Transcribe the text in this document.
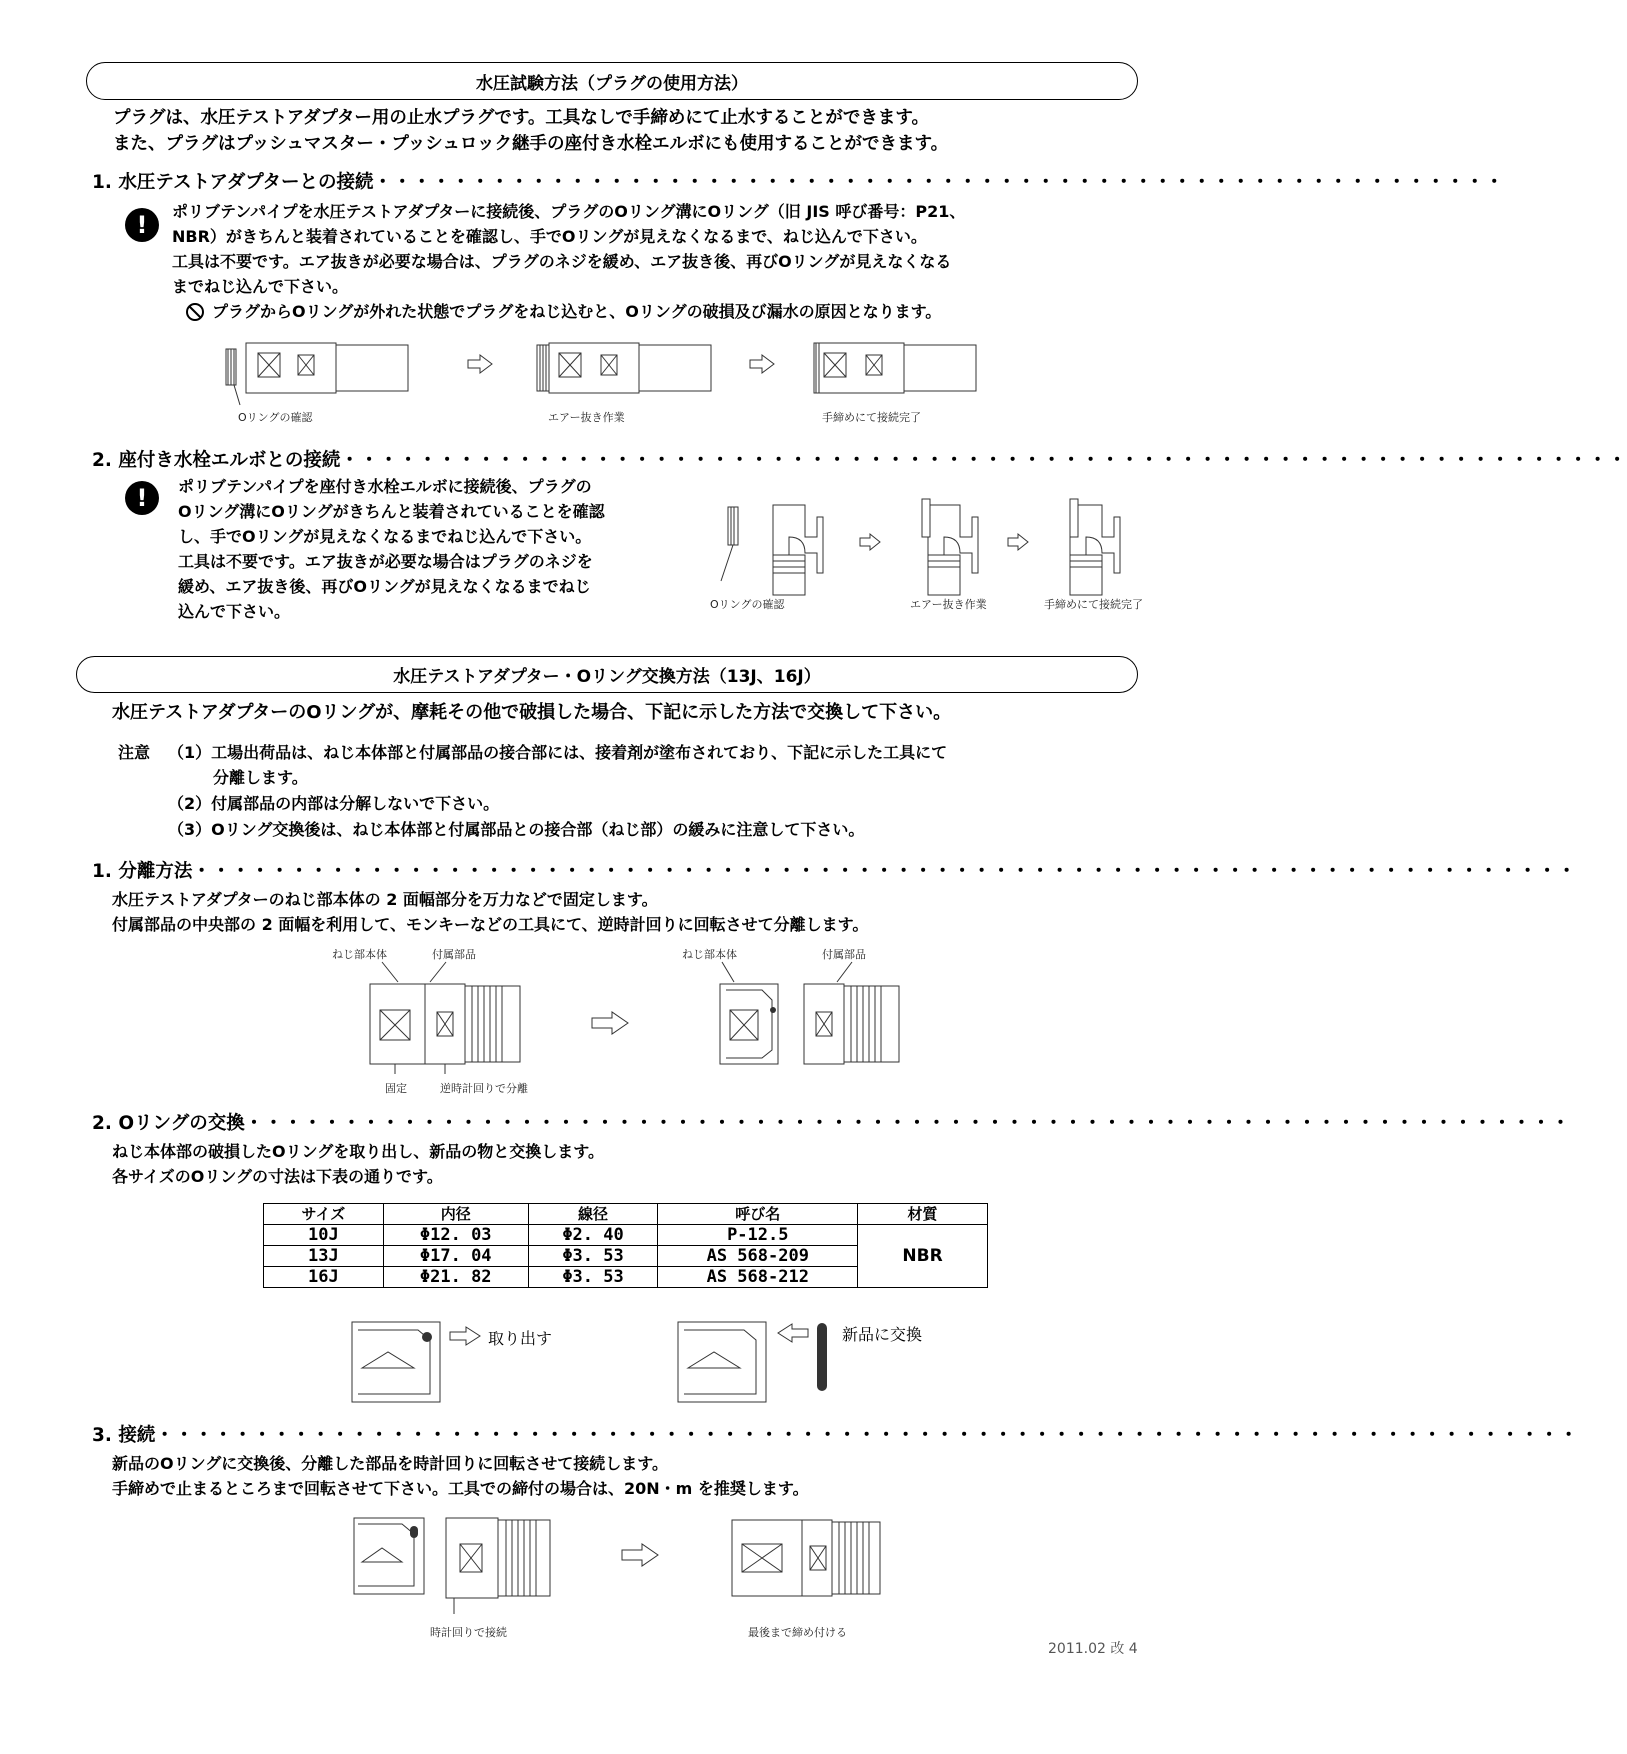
水圧試験方法（プラグの使用方法）
プラグは、水圧テストアダプター用の止水プラグです。工具なしで手締めにて止水することができます。
また、プラグはプッシュマスター・プッシュロック継手の座付き水栓エルボにも使用することができます。
1. 水圧テストアダプターとの接続・・・・・・・・・・・・・・・・・・・・・・・・・・・・・・・・・・・・・・・・・・・・・・・・・・・・・・・・・・
!	ポリブテンパイプを水圧テストアダプターに接続後、プラグのOリング溝にOリング（旧 JIS 呼び番号：P21、
NBR）がきちんと装着されていることを確認し、手でOリングが見えなくなるまで、ねじ込んで下さい。
工具は不要です。エア抜きが必要な場合は、プラグのネジを緩め、エア抜き後、再びOリングが見えなくなる
までねじ込んで下さい。
プラグからOリングが外れた状態でプラグをねじ込むと、Oリングの破損及び漏水の原因となります。
Oリングの確認	エアー抜き作業	手締めにて接続完了
2. 座付き水栓エルボとの接続・・・・・・・・・・・・・・・・・・・・・・・・・・・・・・・・・・・・・・・・・・・・・・・・・・・・・・・・・・・・・・・・・・
!	ポリブテンパイプを座付き水栓エルボに接続後、プラグの
Oリング溝にOリングがきちんと装着されていることを確認
し、手でOリングが見えなくなるまでねじ込んで下さい。
工具は不要です。エア抜きが必要な場合はプラグのネジを
緩め、エア抜き後、再びOリングが見えなくなるまでねじ
込んで下さい。	Oリングの確認	エアー抜き作業	手締めにて接続完了
水圧テストアダプター・Oリング交換方法（13J、16J）
水圧テストアダプターのOリングが、摩耗その他で破損した場合、下記に示した方法で交換して下さい。
注意 （1）工場出荷品は、ねじ本体部と付属部品の接合部には、接着剤が塗布されており、下記に示した工具にて
分離します。
（2）付属部品の内部は分解しないで下さい。
（3）Oリング交換後は、ねじ本体部と付属部品との接合部（ねじ部）の緩みに注意して下さい。
1. 分離方法・・・・・・・・・・・・・・・・・・・・・・・・・・・・・・・・・・・・・・・・・・・・・・・・・・・・・・・・・・・・・・・・・・・・・・・
水圧テストアダプターのねじ部本体の 2 面幅部分を万力などで固定します。
付属部品の中央部の 2 面幅を利用して、モンキーなどの工具にて、逆時計回りに回転させて分離します。
ねじ部本体	付属部品
固定	逆時計回りで分離
ねじ部本体	付属部品
2. Oリングの交換・・・・・・・・・・・・・・・・・・・・・・・・・・・・・・・・・・・・・・・・・・・・・・・・・・・・・・・・・・・・・・・・・・・・
ねじ本体部の破損したOリングを取り出し、新品の物と交換します。
各サイズのOリングの寸法は下表の通りです。
サイズ	内径	線径	呼び名	材質
10J	Φ12. 03	Φ2. 40	P-12.5	NBR
13J	Φ17. 04	Φ3. 53	AS 568-209	
16J	Φ21. 82	Φ3. 53	AS 568-212	
取り出す	新品に交換
3. 接続・・・・・・・・・・・・・・・・・・・・・・・・・・・・・・・・・・・・・・・・・・・・・・・・・・・・・・・・・・・・・・・・・・・・・・・・・
新品のOリングに交換後、分離した部品を時計回りに回転させて接続します。
手締めで止まるところまで回転させて下さい。工具での締付の場合は、20N・m を推奨します。
時計回りで接続	最後まで締め付ける
2011.02 改 4
